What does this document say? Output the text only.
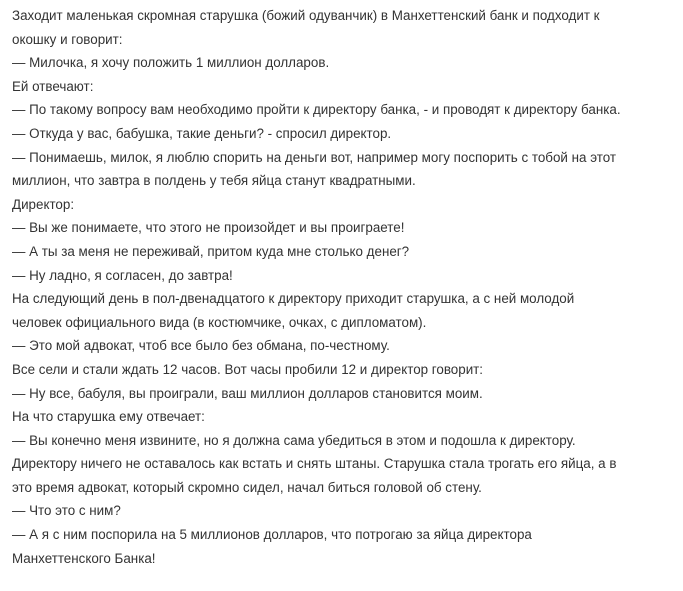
Заходит маленькая скромная старушка (божий одуванчик) в Манхеттенский банк и подходит к
окошку и говорит:
— Милочка, я хочу положить 1 миллион долларов.
Ей отвечают:
— По такому вопросу вам необходимо пройти к директору банка, - и проводят к директору банка.
— Откуда у вас, бабушка, такие деньги? - спросил директор.
— Понимаешь, милок, я люблю спорить на деньги вот, например могу поспорить с тобой на этот
миллион, что завтра в полдень у тебя яйца станут квадратными.
Директор:
— Вы же понимаете, что этого не произойдет и вы проиграете!
— А ты за меня не переживай, притом куда мне столько денег?
— Ну ладно, я согласен, до завтра!
На следующий день в пол-двенадцатого к директору приходит старушка, а с ней молодой
человек официального вида (в костюмчике, очках, с дипломатом).
— Это мой адвокат, чтоб все было без обмана, по-честному.
Все сели и стали ждать 12 часов. Вот часы пробили 12 и директор говорит:
— Ну все, бабуля, вы проиграли, ваш миллион долларов становится моим.
На что старушка ему отвечает:
— Вы конечно меня извините, но я должна сама убедиться в этом и подошла к директору.
Директору ничего не оставалось как встать и снять штаны. Старушка стала трогать его яйца, а в
это время адвокат, который скромно сидел, начал биться головой об стену.
— Что это с ним?
— А я с ним поспорила на 5 миллионов долларов, что потрогаю за яйца директора
Манхеттенского Банка!
